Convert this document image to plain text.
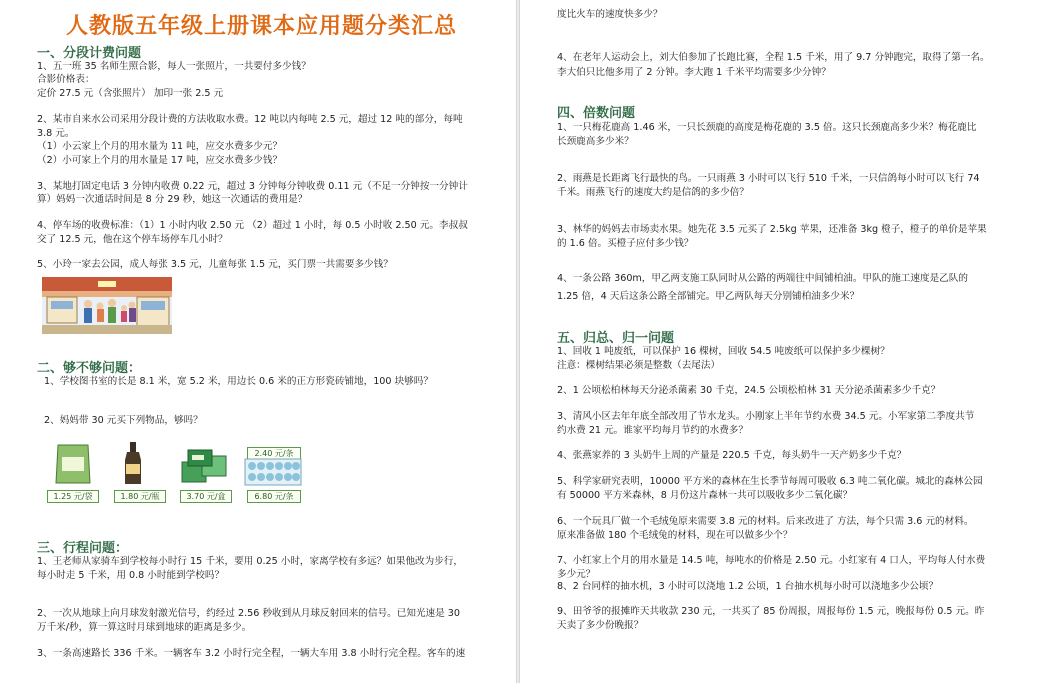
人教版五年级上册课本应用题分类汇总
一、分段计费问题
1、五一班 35 名师生照合影，每人一张照片，一共要付多少钱？
合影价格表：
定价 27.5 元（含张照片） 加印一张 2.5 元
2、某市自来水公司采用分段计费的方法收取水费。12 吨以内每吨 2.5 元，超过 12 吨的部分，每吨
3.8 元。
（1）小云家上个月的用水量为 11 吨，应交水费多少元？
（2）小可家上个月的用水量是 17 吨，应交水费多少钱？
3、某地打固定电话 3 分钟内收费 0.22 元，超过 3 分钟每分钟收费 0.11 元（不足一分钟按一分钟计
算）妈妈一次通话时间是 8 分 29 秒，她这一次通话的费用是？
4、停车场的收费标准：（1）1 小时内收 2.50 元 （2）超过 1 小时，每 0.5 小时收 2.50 元。李叔叔
交了 12.5 元，他在这个停车场停车几小时？
5、小玲一家去公园，成人每张 3.5 元，儿童每张 1.5 元，买门票一共需要多少钱？
二、够不够问题：
1、学校图书室的长是 8.1 米，宽 5.2 米，用边长 0.6 米的正方形瓷砖铺地，100 块够吗？
2、妈妈带 30 元买下列物品，够吗？
2.40 元/条
1.25 元/袋	1.80 元/瓶	3.70 元/盒	6.80 元/条
三、行程问题：
1、王老师从家骑车到学校每小时行 15 千米，要用 0.25 小时，家离学校有多远？如果他改为步行，
每小时走 5 千米，用 0.8 小时能到学校吗？
2、一次从地球上向月球发射激光信号，约经过 2.56 秒收到从月球反射回来的信号。已知光速是 30
万千米/秒，算一算这时月球到地球的距离是多少。
3、一条高速路长 336 千米。一辆客车 3.2 小时行完全程，一辆大车用 3.8 小时行完全程。客车的速
度比火车的速度快多少？
4、在老年人运动会上，刘大伯参加了长跑比赛，全程 1.5 千米，用了 9.7 分钟跑完，取得了第一名。
李大伯只比他多用了 2 分钟。李大跑 1 千米平均需要多少分钟？
四、倍数问题
1、一只梅花鹿高 1.46 米，一只长颈鹿的高度是梅花鹿的 3.5 倍。这只长颈鹿高多少米？梅花鹿比
长颈鹿高多少米？
2、雨燕是长距离飞行最快的鸟。一只雨燕 3 小时可以飞行 510 千米，一只信鸽每小时可以飞行 74
千米。雨燕飞行的速度大约是信鸽的多少倍？
3、林华的妈妈去市场卖水果。她先花 3.5 元买了 2.5kg 苹果，还准备 3kg 橙子，橙子的单价是苹果
的 1.6 倍。买橙子应付多少钱？
4、一条公路 360m，甲乙两支施工队同时从公路的两端往中间铺柏油。甲队的施工速度是乙队的
1.25 倍，4 天后这条公路全部铺完。甲乙两队每天分别铺柏油多少米？
五、归总、归一问题
1、回收 1 吨废纸，可以保护 16 棵树，回收 54.5 吨废纸可以保护多少棵树？
注意：棵树结果必须是整数（去尾法）
2、1 公顷松柏林每天分泌杀菌素 30 千克，24.5 公顷松柏林 31 天分泌杀菌素多少千克？
3、清风小区去年年底全部改用了节水龙头。小刚家上半年节约水费 34.5 元。小军家第二季度共节
约水费 21 元。谁家平均每月节约的水费多？
4、张燕家养的 3 头奶牛上周的产量是 220.5 千克，每头奶牛一天产奶多少千克？
5、科学家研究表明，10000 平方米的森林在生长季节每周可吸收 6.3 吨二氧化碳。城北的森林公园
有 50000 平方米森林，8 月份这片森林一共可以吸收多少二氧化碳？
6、一个玩具厂做一个毛绒兔原来需要 3.8 元的材料。后来改进了 方法，每个只需 3.6 元的材料。
原来准备做 180 个毛绒兔的材料，现在可以做多少个？
7、小红家上个月的用水量是 14.5 吨，每吨水的价格是 2.50 元。小红家有 4 口人，平均每人付水费
多少元？
8、2 台同样的抽水机，3 小时可以浇地 1.2 公顷，1 台抽水机每小时可以浇地多少公顷？
9、田爷爷的报摊昨天共收款 230 元，一共买了 85 份周报，周报每份 1.5 元，晚报每份 0.5 元。昨
天卖了多少份晚报？
